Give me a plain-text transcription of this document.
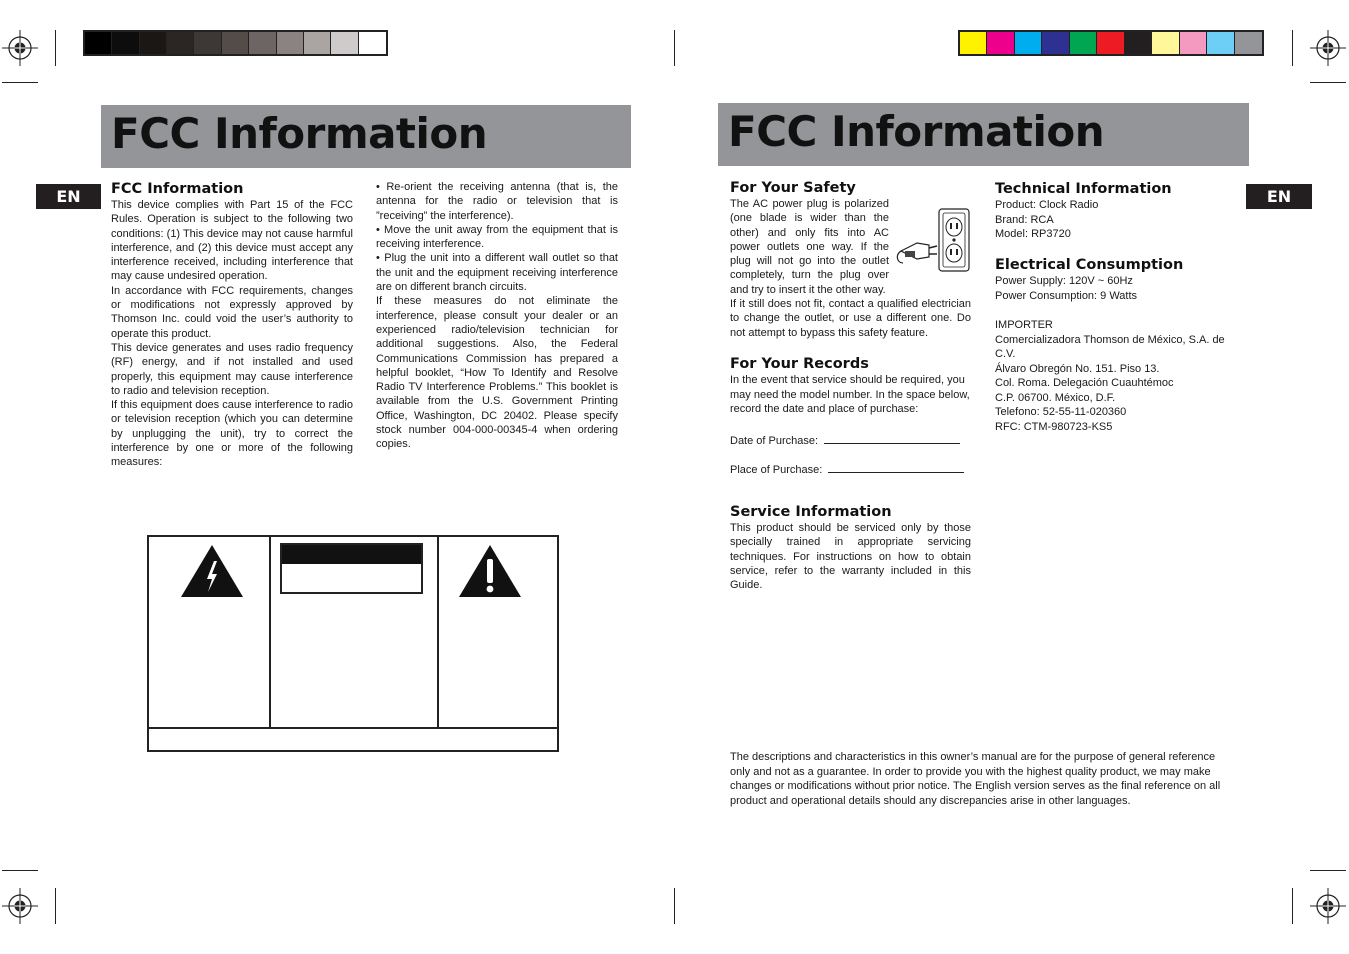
FCC Information
EN	FCC Information

This device complies with Part 15 of the FCC Rules. Operation is subject to the following two conditions: (1) This device may not cause harmful interference, and (2) this device must accept any interference received, including interference that may cause undesired operation.

In accordance with FCC requirements, changes or modifications not expressly approved by Thomson Inc. could void the user’s authority to operate this product.

This device generates and uses radio frequency (RF) energy, and if not installed and used properly, this equipment may cause interference to radio and television reception.

If this equipment does cause interference to radio or television reception (which you can determine by unplugging the unit), try to correct the interference by one or more of the following measures:

• Re-orient the receiving antenna (that is, the antenna for the radio or television that is ”receiving” the interference).

• Move the unit away from the equipment that is receiving interference.

• Plug the unit into a different wall outlet so that the unit and the equipment receiving interference are on different branch circuits.

If these measures do not eliminate the interference, please consult your dealer or an experienced radio/television technician for additional suggestions. Also, the Federal Communications Commission has prepared a helpful booklet, “How To Identify and Resolve Radio TV Interference Problems.” This booklet is available from the U.S. Government Printing Office, Washington, DC 20402. Please specify stock number 004-000-00345-4 when ordering copies.

FCC Information
EN
For Your Safety
The AC power plug is polarized (one blade is wider than the other) and only fits into AC power outlets one way. If the plug will not go into the outlet completely, turn the plug over and try to insert it the other way.

If it still does not fit, contact a qualified electrician to change the outlet, or use a different one. Do not attempt to bypass this safety feature.

For Your Records
In the event that service should be required, you may need the model number. In the space below, record the date and place of purchase:
Date of Purchase:
Place of Purchase:
Service Information
This product should be serviced only by those specially trained in appropriate servicing techniques. For instructions on how to obtain service, refer to the warranty included in this Guide.
Technical Information

Product: Clock Radio

Brand: RCA

Model: RP3720

Electrical Consumption

Power Supply: 120V ~ 60Hz

Power Consumption: 9 Watts

IMPORTER

Comercializadora Thomson de México, S.A. de C.V.

Álvaro Obregón No. 151. Piso 13.

Col. Roma. Delegación Cuauhtémoc

C.P. 06700. México, D.F.

Telefono: 52-55-11-020360

RFC: CTM-980723-KS5

The descriptions and characteristics in this owner’s manual are for the purpose of general reference only and not as a guarantee. In order to provide you with the highest quality product, we may make changes or modifications without prior notice. The English version serves as the final reference on all product and operational details should any discrepancies arise in other languages.
